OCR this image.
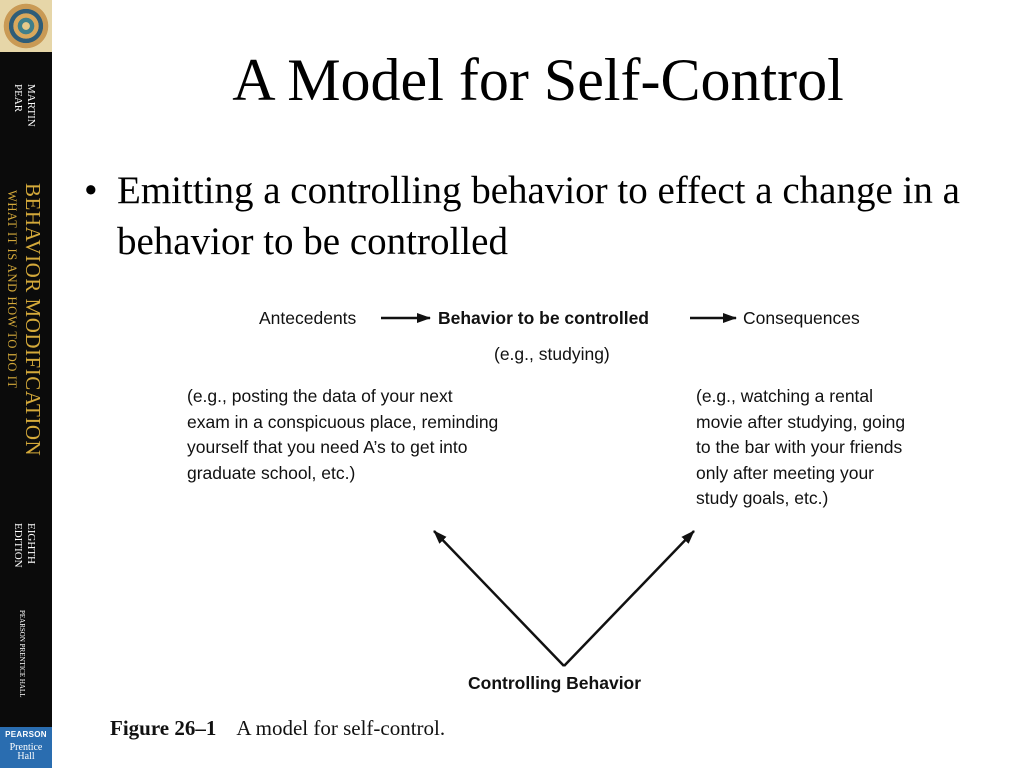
MARTIN
PEAR
BEHAVIOR MODIFICATION
WHAT IT IS AND HOW TO DO IT
EIGHTH
EDITION
PEARSON PRENTICE HALL
PEARSON
Prentice
Hall
A Model for Self-Control
• Emitting a controlling behavior to effect a change in a behavior to be controlled
Antecedents	Behavior to be controlled	Consequences
(e.g., studying)
(e.g., posting the data of your next
exam in a conspicuous place, reminding
yourself that you need A’s to get into
graduate school, etc.)
(e.g., watching a rental
movie after studying, going
to the bar with your friends
only after meeting your
study goals, etc.)
Controlling Behavior
Figure 26–1 A model for self-control.
